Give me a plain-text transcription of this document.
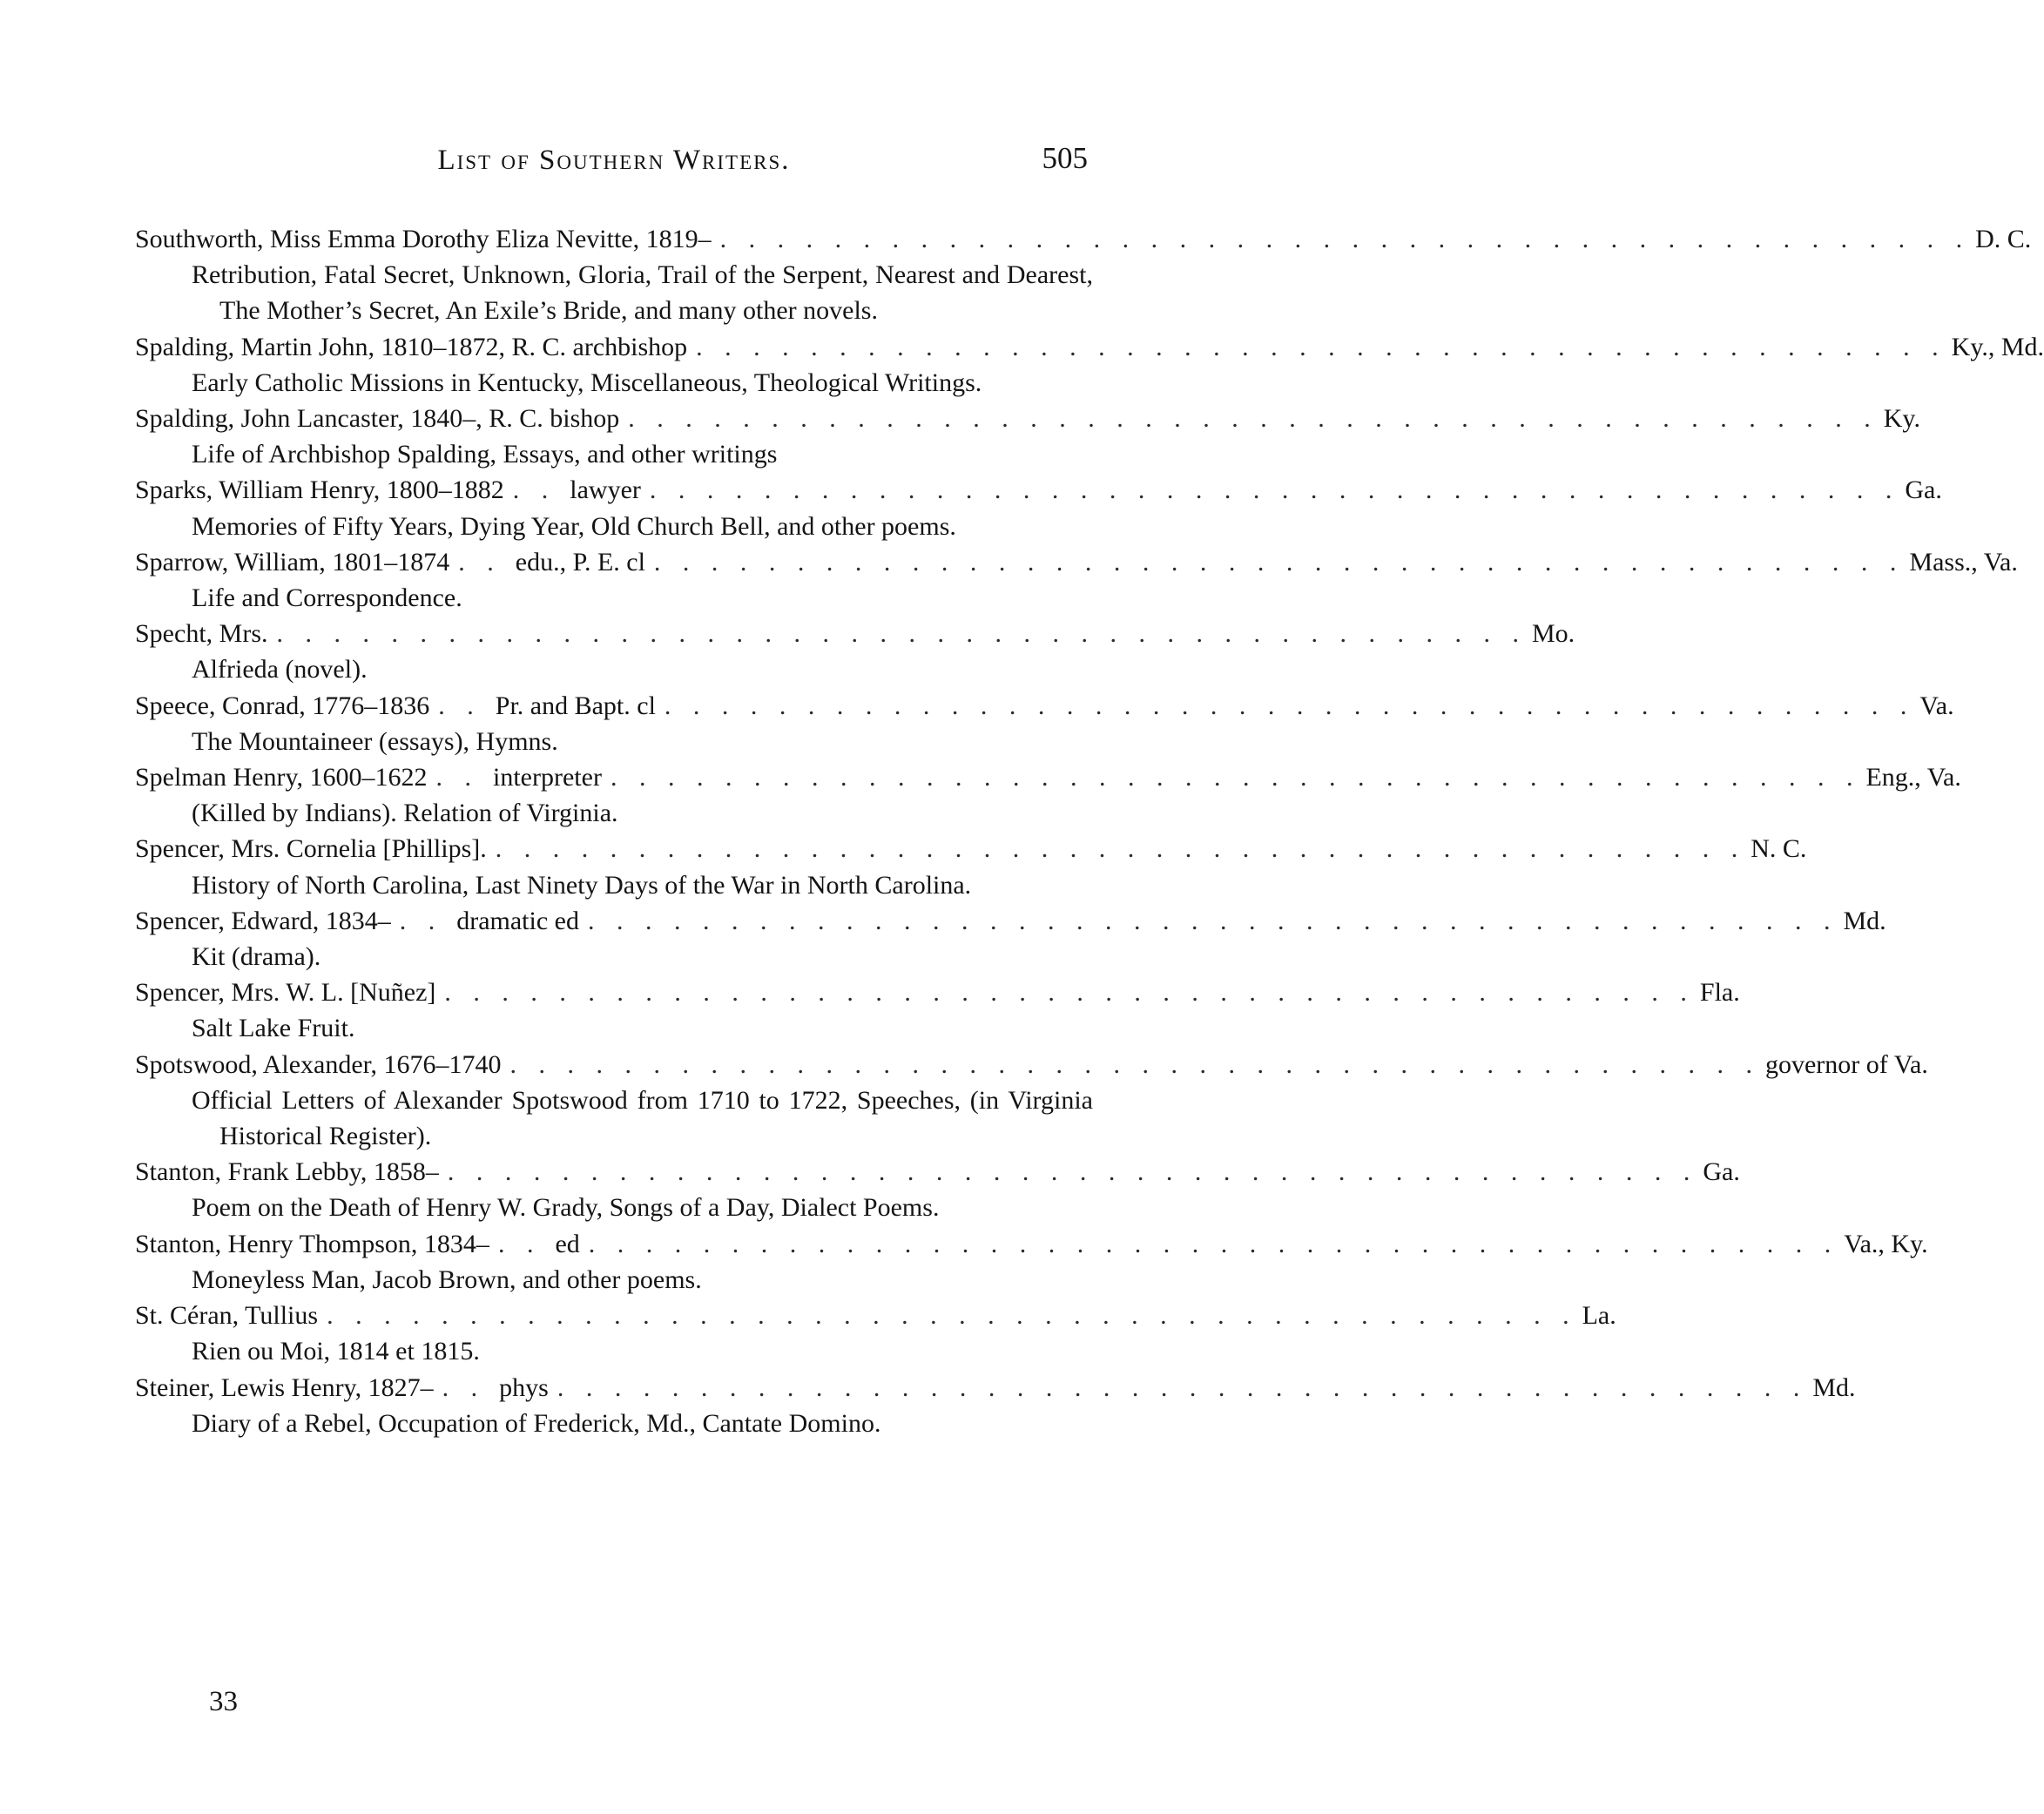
List of Southern Writers.	505
Southworth, Miss Emma Dorothy Eliza Nevitte, 1819– . . . . . . . . . . . . . . . . . . . . . . . . . . . . . . . . . . . . . . . . . . . . D. C.
Retribution, Fatal Secret, Unknown, Gloria, Trail of the Serpent, Nearest and Dearest, The Mother’s Secret, An Exile’s Bride, and many other novels.
Spalding, Martin John, 1810–1872, R. C. archbishop . . . . . . . . . . . . . . . . . . . . . . . . . . . . . . . . . . . . . . . . . . . . Ky., Md.
Early Catholic Missions in Kentucky, Miscellaneous, Theological Writings.
Spalding, John Lancaster, 1840–, R. C. bishop . . . . . . . . . . . . . . . . . . . . . . . . . . . . . . . . . . . . . . . . . . . . Ky.
Life of Archbishop Spalding, Essays, and other writings
Sparks, William Henry, 1800–1882 . . lawyer . . . . . . . . . . . . . . . . . . . . . . . . . . . . . . . . . . . . . . . . . . . . Ga.
Memories of Fifty Years, Dying Year, Old Church Bell, and other poems.
Sparrow, William, 1801–1874 . . edu., P. E. cl . . . . . . . . . . . . . . . . . . . . . . . . . . . . . . . . . . . . . . . . . . . . Mass., Va.
Life and Correspondence.
Specht, Mrs. . . . . . . . . . . . . . . . . . . . . . . . . . . . . . . . . . . . . . . . . . . . . Mo.
Alfrieda (novel).
Speece, Conrad, 1776–1836 . . Pr. and Bapt. cl . . . . . . . . . . . . . . . . . . . . . . . . . . . . . . . . . . . . . . . . . . . . Va.
The Mountaineer (essays), Hymns.
Spelman Henry, 1600–1622 . . interpreter . . . . . . . . . . . . . . . . . . . . . . . . . . . . . . . . . . . . . . . . . . . . Eng., Va.
(Killed by Indians). Relation of Virginia.
Spencer, Mrs. Cornelia [Phillips]. . . . . . . . . . . . . . . . . . . . . . . . . . . . . . . . . . . . . . . . . . . . . N. C.
History of North Carolina, Last Ninety Days of the War in North Carolina.
Spencer, Edward, 1834– . . dramatic ed . . . . . . . . . . . . . . . . . . . . . . . . . . . . . . . . . . . . . . . . . . . . Md.
Kit (drama).
Spencer, Mrs. W. L. [Nuñez] . . . . . . . . . . . . . . . . . . . . . . . . . . . . . . . . . . . . . . . . . . . . Fla.
Salt Lake Fruit.
Spotswood, Alexander, 1676–1740 . . . . . . . . . . . . . . . . . . . . . . . . . . . . . . . . . . . . . . . . . . . . governor of Va.
Official Letters of Alexander Spotswood from 1710 to 1722, Speeches, (in Virginia Historical Register).
Stanton, Frank Lebby, 1858– . . . . . . . . . . . . . . . . . . . . . . . . . . . . . . . . . . . . . . . . . . . . Ga.
Poem on the Death of Henry W. Grady, Songs of a Day, Dialect Poems.
Stanton, Henry Thompson, 1834– . . ed . . . . . . . . . . . . . . . . . . . . . . . . . . . . . . . . . . . . . . . . . . . . Va., Ky.
Moneyless Man, Jacob Brown, and other poems.
St. Céran, Tullius . . . . . . . . . . . . . . . . . . . . . . . . . . . . . . . . . . . . . . . . . . . . La.
Rien ou Moi, 1814 et 1815.
Steiner, Lewis Henry, 1827– . . phys . . . . . . . . . . . . . . . . . . . . . . . . . . . . . . . . . . . . . . . . . . . . Md.
Diary of a Rebel, Occupation of Frederick, Md., Cantate Domino.
33
